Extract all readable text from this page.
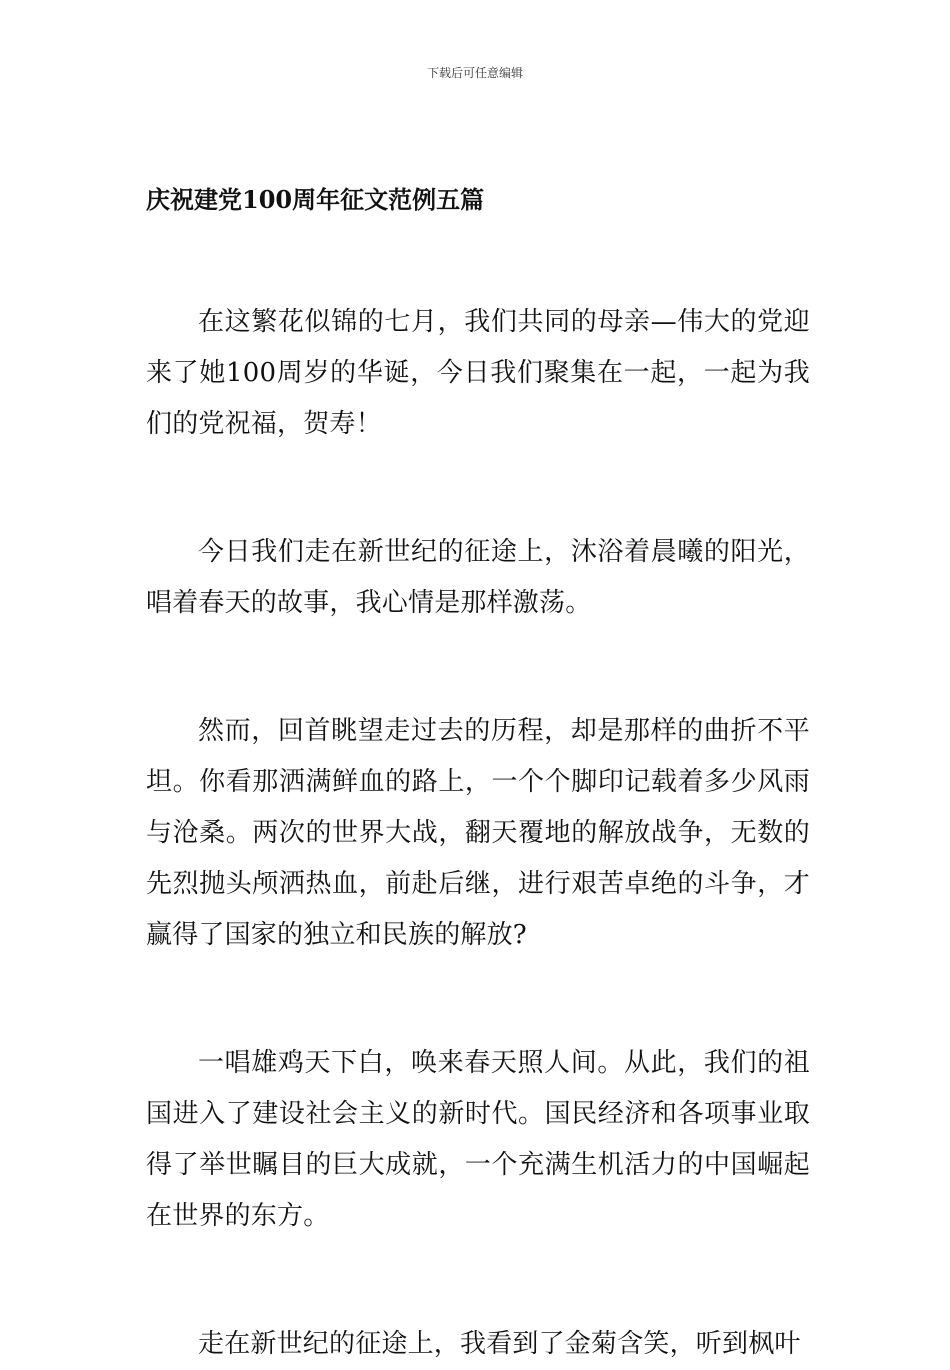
下载后可任意编辑
庆祝建党100周年征文范例五篇

在这繁花似锦的七月，我们共同的母亲—伟大的党迎来了她100周岁的华诞，今日我们聚集在一起，一起为我们的党祝福，贺寿！

今日我们走在新世纪的征途上，沐浴着晨曦的阳光，唱着春天的故事，我心情是那样激荡。

然而，回首眺望走过去的历程，却是那样的曲折不平坦。你看那洒满鲜血的路上，一个个脚印记载着多少风雨与沧桑。两次的世界大战，翻天覆地的解放战争，无数的先烈抛头颅洒热血，前赴后继，进行艰苦卓绝的斗争，才赢得了国家的独立和民族的解放?

一唱雄鸡天下白，唤来春天照人间。从此，我们的祖国进入了建设社会主义的新时代。国民经济和各项事业取得了举世瞩目的巨大成就，一个充满生机活力的中国崛起在世界的东方。

走在新世纪的征途上，我看到了金菊含笑，听到枫叶
